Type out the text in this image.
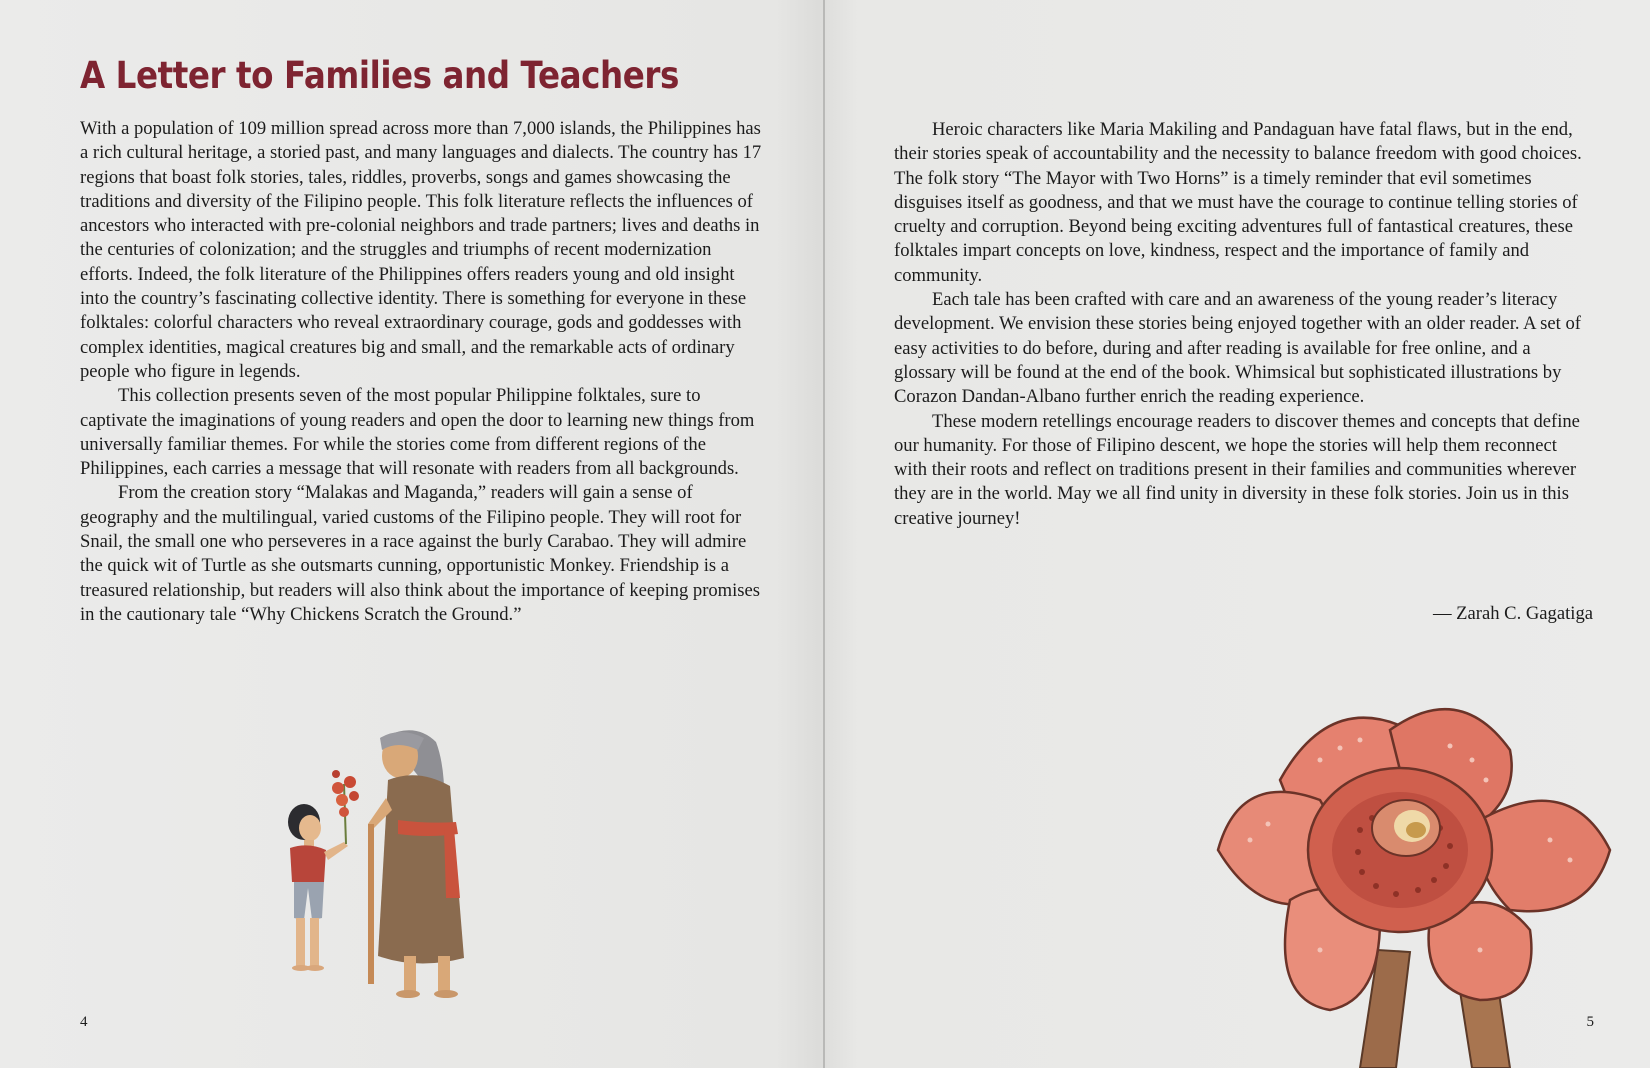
A Letter to Families and Teachers

With a population of 109 million spread across more than 7,000 islands, the Philippines has a rich cultural heritage, a storied past, and many languages and dialects. The country has 17 regions that boast folk stories, tales, riddles, proverbs, songs and games showcasing the traditions and diversity of the Filipino people. This folk literature reflects the influences of ancestors who interacted with pre-colonial neighbors and trade partners; lives and deaths in the centuries of colonization; and the struggles and triumphs of recent modernization efforts. Indeed, the folk literature of the Philippines offers readers young and old insight into the country’s fascinating collective identity. There is something for everyone in these folktales: colorful characters who reveal extraordinary courage, gods and goddesses with complex identities, magical creatures big and small, and the remarkable acts of ordinary people who figure in legends.

This collection presents seven of the most popular Philippine folktales, sure to captivate the imaginations of young readers and open the door to learning new things from universally familiar themes. For while the stories come from different regions of the Philippines, each carries a message that will resonate with readers from all backgrounds.

From the creation story “Malakas and Maganda,” readers will gain a sense of geography and the multilingual, varied customs of the Filipino people. They will root for Snail, the small one who perseveres in a race against the burly Carabao. They will admire the quick wit of Turtle as she outsmarts cunning, opportunistic Monkey. Friendship is a treasured relationship, but readers will also think about the importance of keeping promises in the cautionary tale “Why Chickens Scratch the Ground.”

4

Heroic characters like Maria Makiling and Pandaguan have fatal flaws, but in the end, their stories speak of accountability and the necessity to balance freedom with good choices. The folk story “The Mayor with Two Horns” is a timely reminder that evil sometimes disguises itself as goodness, and that we must have the courage to continue telling stories of cruelty and corruption. Beyond being exciting adventures full of fantastical creatures, these folktales impart concepts on love, kindness, respect and the importance of family and community.

Each tale has been crafted with care and an awareness of the young reader’s literacy development. We envision these stories being enjoyed together with an older reader. A set of easy activities to do before, during and after reading is available for free online, and a glossary will be found at the end of the book. Whimsical but sophisticated illustrations by Corazon Dandan-Albano further enrich the reading experience.

These modern retellings encourage readers to discover themes and concepts that define our humanity. For those of Filipino descent, we hope the stories will help them reconnect with their roots and reflect on traditions present in their families and communities wherever they are in the world. May we all find unity in diversity in these folk stories. Join us in this creative journey!

— Zarah C. Gagatiga
5
